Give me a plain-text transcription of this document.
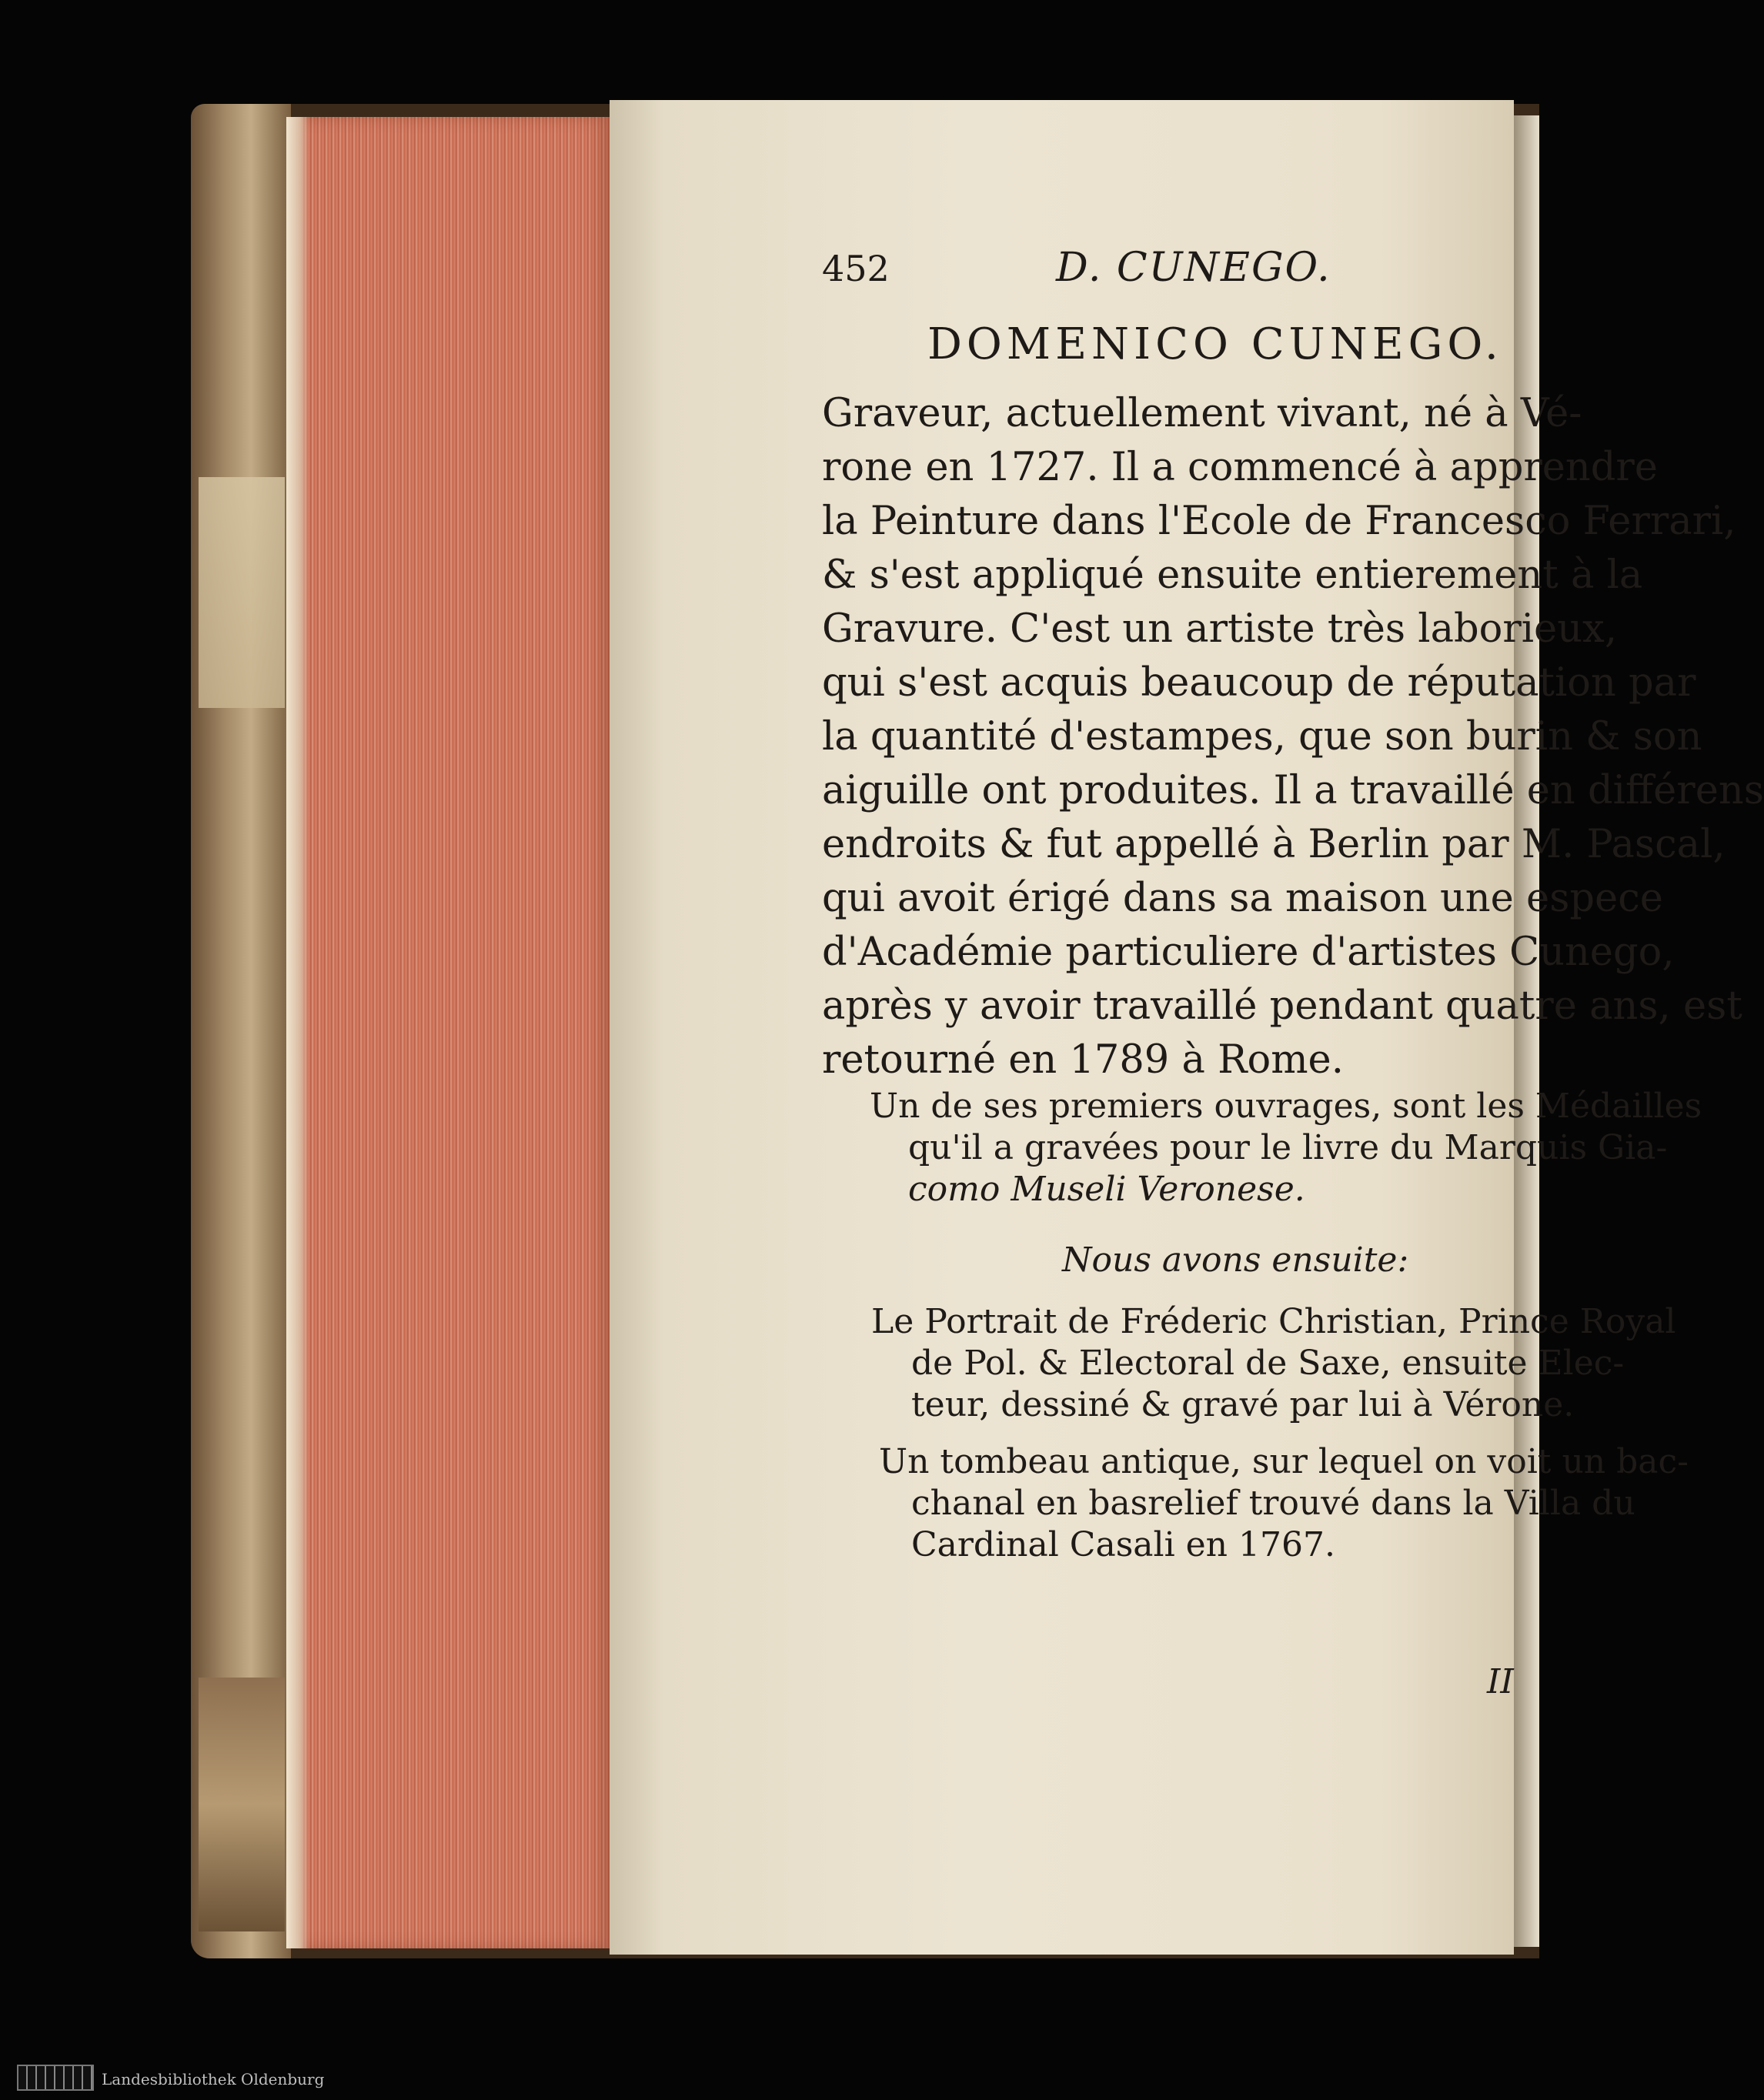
452	D. CUNEGO.
DOMENICO CUNEGO.
Graveur, actuellement vivant, né à Vé-
rone en 1727. Il a commencé à apprendre
la Peinture dans l'Ecole de Francesco Ferrari,
& s'est appliqué ensuite entierement à la
Gravure. C'est un artiste très laborieux,
qui s'est acquis beaucoup de réputation par
la quantité d'estampes, que son burin & son
aiguille ont produites. Il a travaillé en différens
endroits & fut appellé à Berlin par M. Pascal,
qui avoit érigé dans sa maison une espece
d'Académie particuliere d'artistes Cunego,
après y avoir travaillé pendant quatre ans, est
retourné en 1789 à Rome.
Un de ses premiers ouvrages, sont les Médailles
qu'il a gravées pour le livre du Marquis Gia-
como Museli Veronese.
Nous avons ensuite:
Le Portrait de Fréderic Christian, Prince Royal
de Pol. & Electoral de Saxe, ensuite Elec-
teur, dessiné & gravé par lui à Vérone.
Un tombeau antique, sur lequel on voit un bac-
chanal en basrelief trouvé dans la Villa du
Cardinal Casali en 1767.
II
Landesbibliothek Oldenburg
